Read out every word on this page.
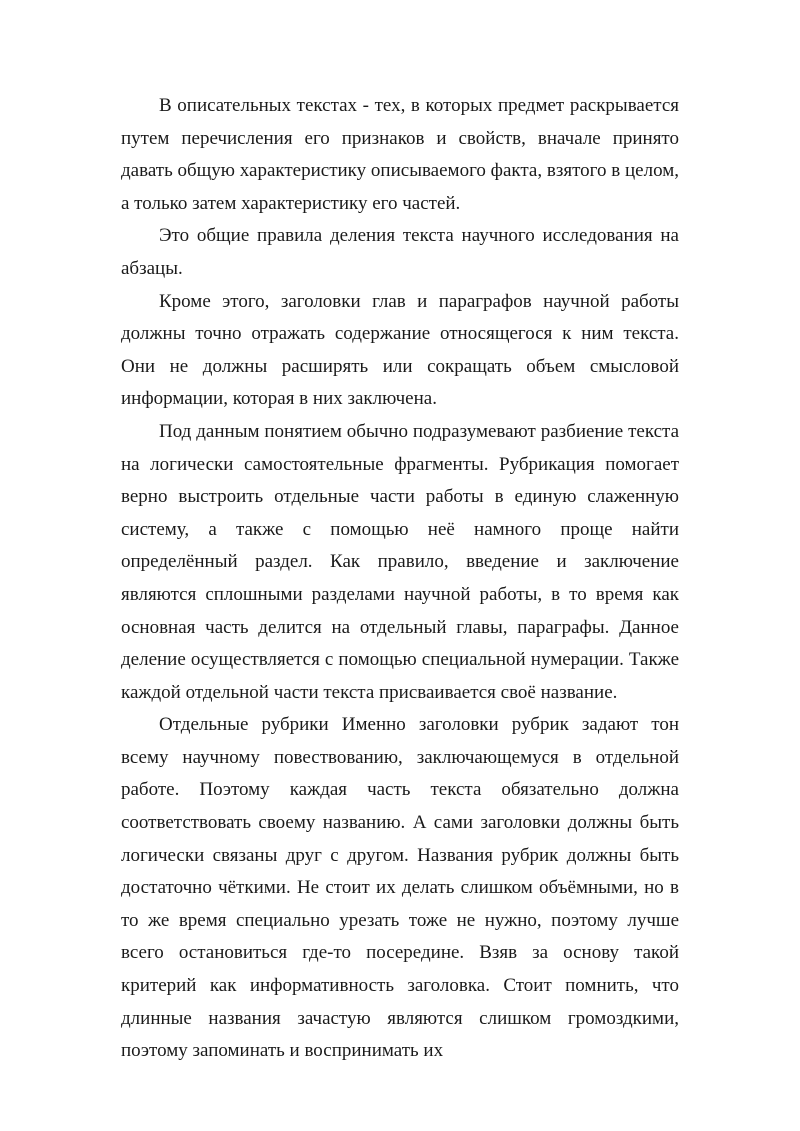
В описательных текстах - тех, в которых предмет раскрывается путем перечисления его признаков и свойств, вначале принято давать общую характеристику описываемого факта, взятого в целом, а только затем характеристику его частей.

Это общие правила деления текста научного исследования на абзацы.

Кроме этого, заголовки глав и параграфов научной работы должны точно отражать содержание относящегося к ним текста. Они не должны расширять или сокращать объем смысловой информации, которая в них заключена.

Под данным понятием обычно подразумевают разбиение текста на логически самостоятельные фрагменты. Рубрикация помогает верно выстроить отдельные части работы в единую слаженную систему, а также с помощью неё намного проще найти определённый раздел. Как правило, введение и заключение являются сплошными разделами научной работы, в то время как основная часть делится на отдельный главы, параграфы. Данное деление осуществляется с помощью специальной нумерации. Также каждой отдельной части текста присваивается своё название.

Отдельные рубрики Именно заголовки рубрик задают тон всему научному повествованию, заключающемуся в отдельной работе. Поэтому каждая часть текста обязательно должна соответствовать своему названию. А сами заголовки должны быть логически связаны друг с другом. Названия рубрик должны быть достаточно чёткими. Не стоит их делать слишком объёмными, но в то же время специально урезать тоже не нужно, поэтому лучше всего остановиться где-то посередине. Взяв за основу такой критерий как информативность заголовка. Стоит помнить, что длинные названия зачастую являются слишком громоздкими, поэтому запоминать и воспринимать их
